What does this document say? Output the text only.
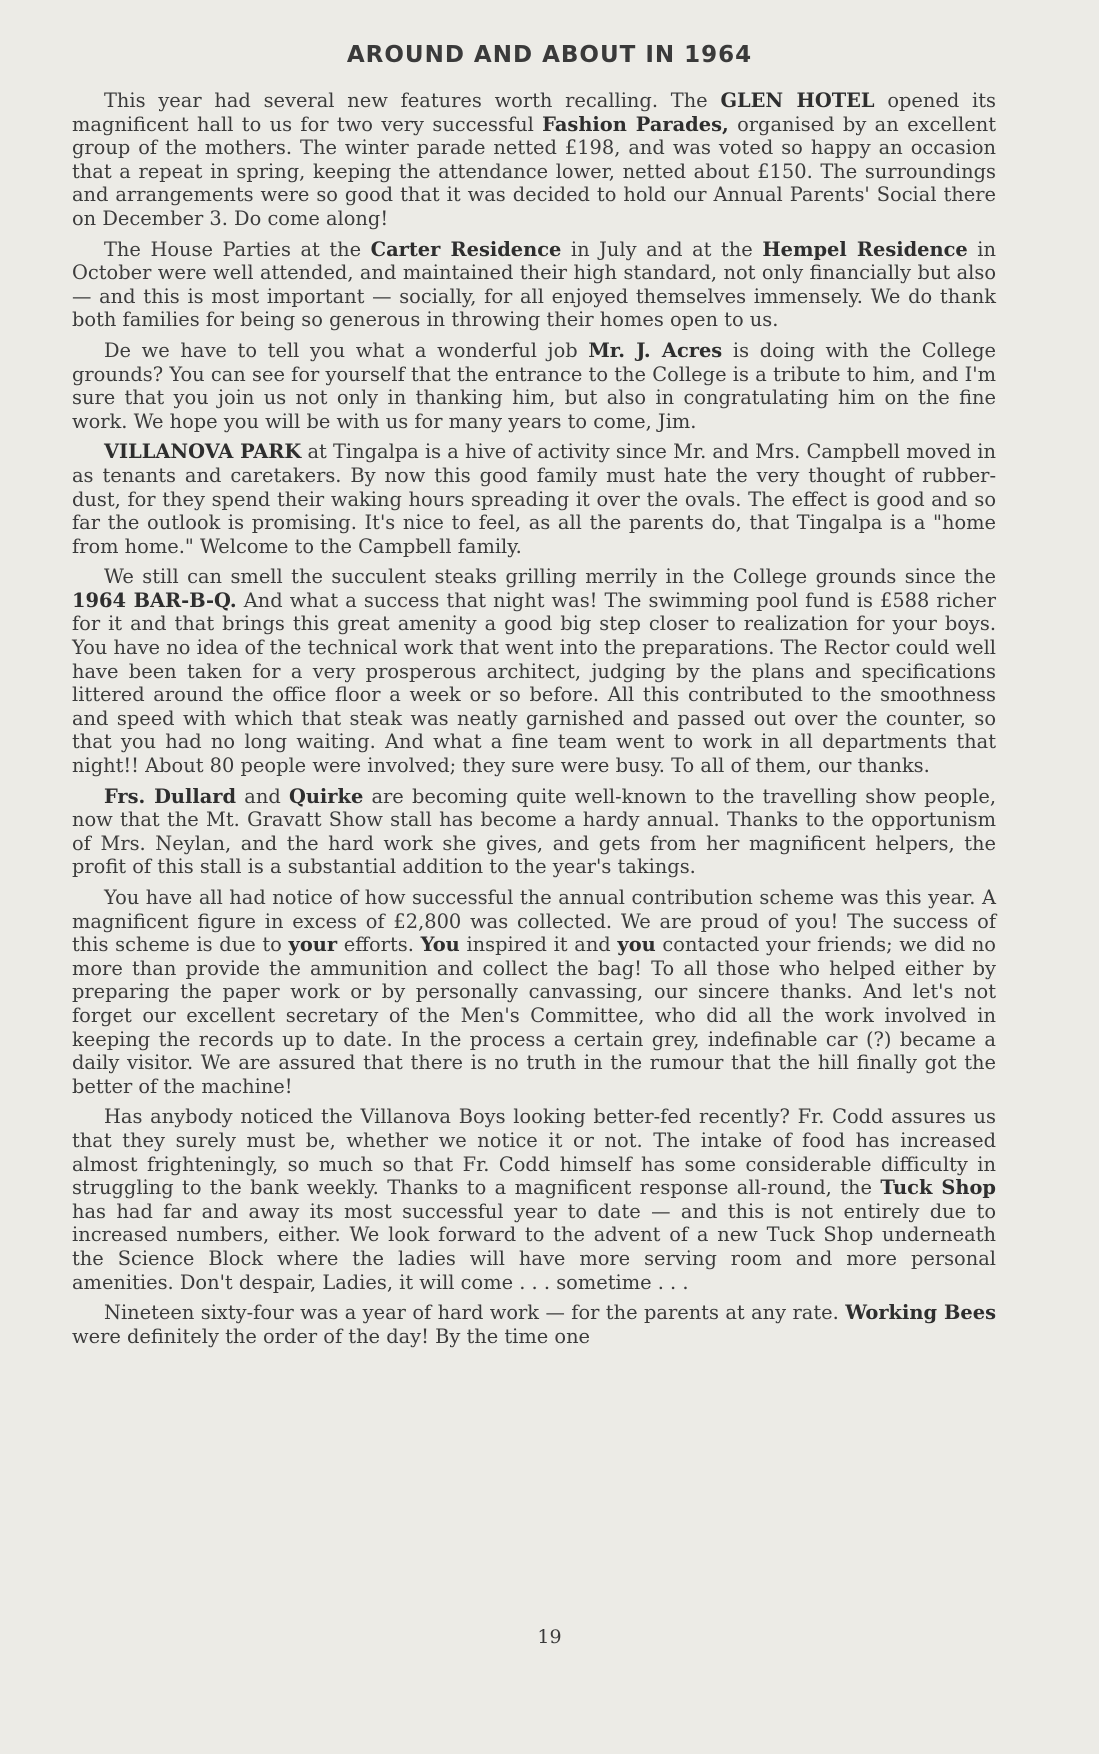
AROUND AND ABOUT IN 1964

This year had several new features worth recalling. The GLEN HOTEL opened its magnificent hall to us for two very successful Fashion Parades, organised by an excellent group of the mothers. The winter parade netted £198, and was voted so happy an occasion that a repeat in spring, keeping the attendance lower, netted about £150. The surroundings and arrangements were so good that it was decided to hold our Annual Parents' Social there on December 3. Do come along!

The House Parties at the Carter Residence in July and at the Hempel Residence in October were well attended, and maintained their high standard, not only financially but also — and this is most important — socially, for all enjoyed themselves immensely. We do thank both families for being so generous in throwing their homes open to us.

De we have to tell you what a wonderful job Mr. J. Acres is doing with the College grounds? You can see for yourself that the entrance to the College is a tribute to him, and I'm sure that you join us not only in thanking him, but also in congratulating him on the fine work. We hope you will be with us for many years to come, Jim.

VILLANOVA PARK at Tingalpa is a hive of activity since Mr. and Mrs. Campbell moved in as tenants and caretakers. By now this good family must hate the very thought of rubber-dust, for they spend their waking hours spreading it over the ovals. The effect is good and so far the outlook is promising. It's nice to feel, as all the parents do, that Tingalpa is a "home from home." Welcome to the Campbell family.

We still can smell the succulent steaks grilling merrily in the College grounds since the 1964 BAR-B-Q. And what a success that night was! The swimming pool fund is £588 richer for it and that brings this great amenity a good big step closer to realization for your boys. You have no idea of the technical work that went into the preparations. The Rector could well have been taken for a very prosperous architect, judging by the plans and specifications littered around the office floor a week or so before. All this contributed to the smoothness and speed with which that steak was neatly garnished and passed out over the counter, so that you had no long waiting. And what a fine team went to work in all departments that night!! About 80 people were involved; they sure were busy. To all of them, our thanks.

Frs. Dullard and Quirke are becoming quite well-known to the travelling show people, now that the Mt. Gravatt Show stall has become a hardy annual. Thanks to the opportunism of Mrs. Neylan, and the hard work she gives, and gets from her magnificent helpers, the profit of this stall is a substantial addition to the year's takings.

You have all had notice of how successful the annual contribution scheme was this year. A magnificent figure in excess of £2,800 was collected. We are proud of you! The success of this scheme is due to your efforts. You inspired it and you contacted your friends; we did no more than provide the ammunition and collect the bag! To all those who helped either by preparing the paper work or by personally canvassing, our sincere thanks. And let's not forget our excellent secretary of the Men's Committee, who did all the work involved in keeping the records up to date. In the process a certain grey, indefinable car (?) became a daily visitor. We are assured that there is no truth in the rumour that the hill finally got the better of the machine!

Has anybody noticed the Villanova Boys looking better-fed recently? Fr. Codd assures us that they surely must be, whether we notice it or not. The intake of food has increased almost frighteningly, so much so that Fr. Codd himself has some considerable difficulty in struggling to the bank weekly. Thanks to a magnificent response all-round, the Tuck Shop has had far and away its most successful year to date — and this is not entirely due to increased numbers, either. We look forward to the advent of a new Tuck Shop underneath the Science Block where the ladies will have more serving room and more personal amenities. Don't despair, Ladies, it will come . . . sometime . . .

Nineteen sixty-four was a year of hard work — for the parents at any rate. Working Bees were definitely the order of the day! By the time one

19
